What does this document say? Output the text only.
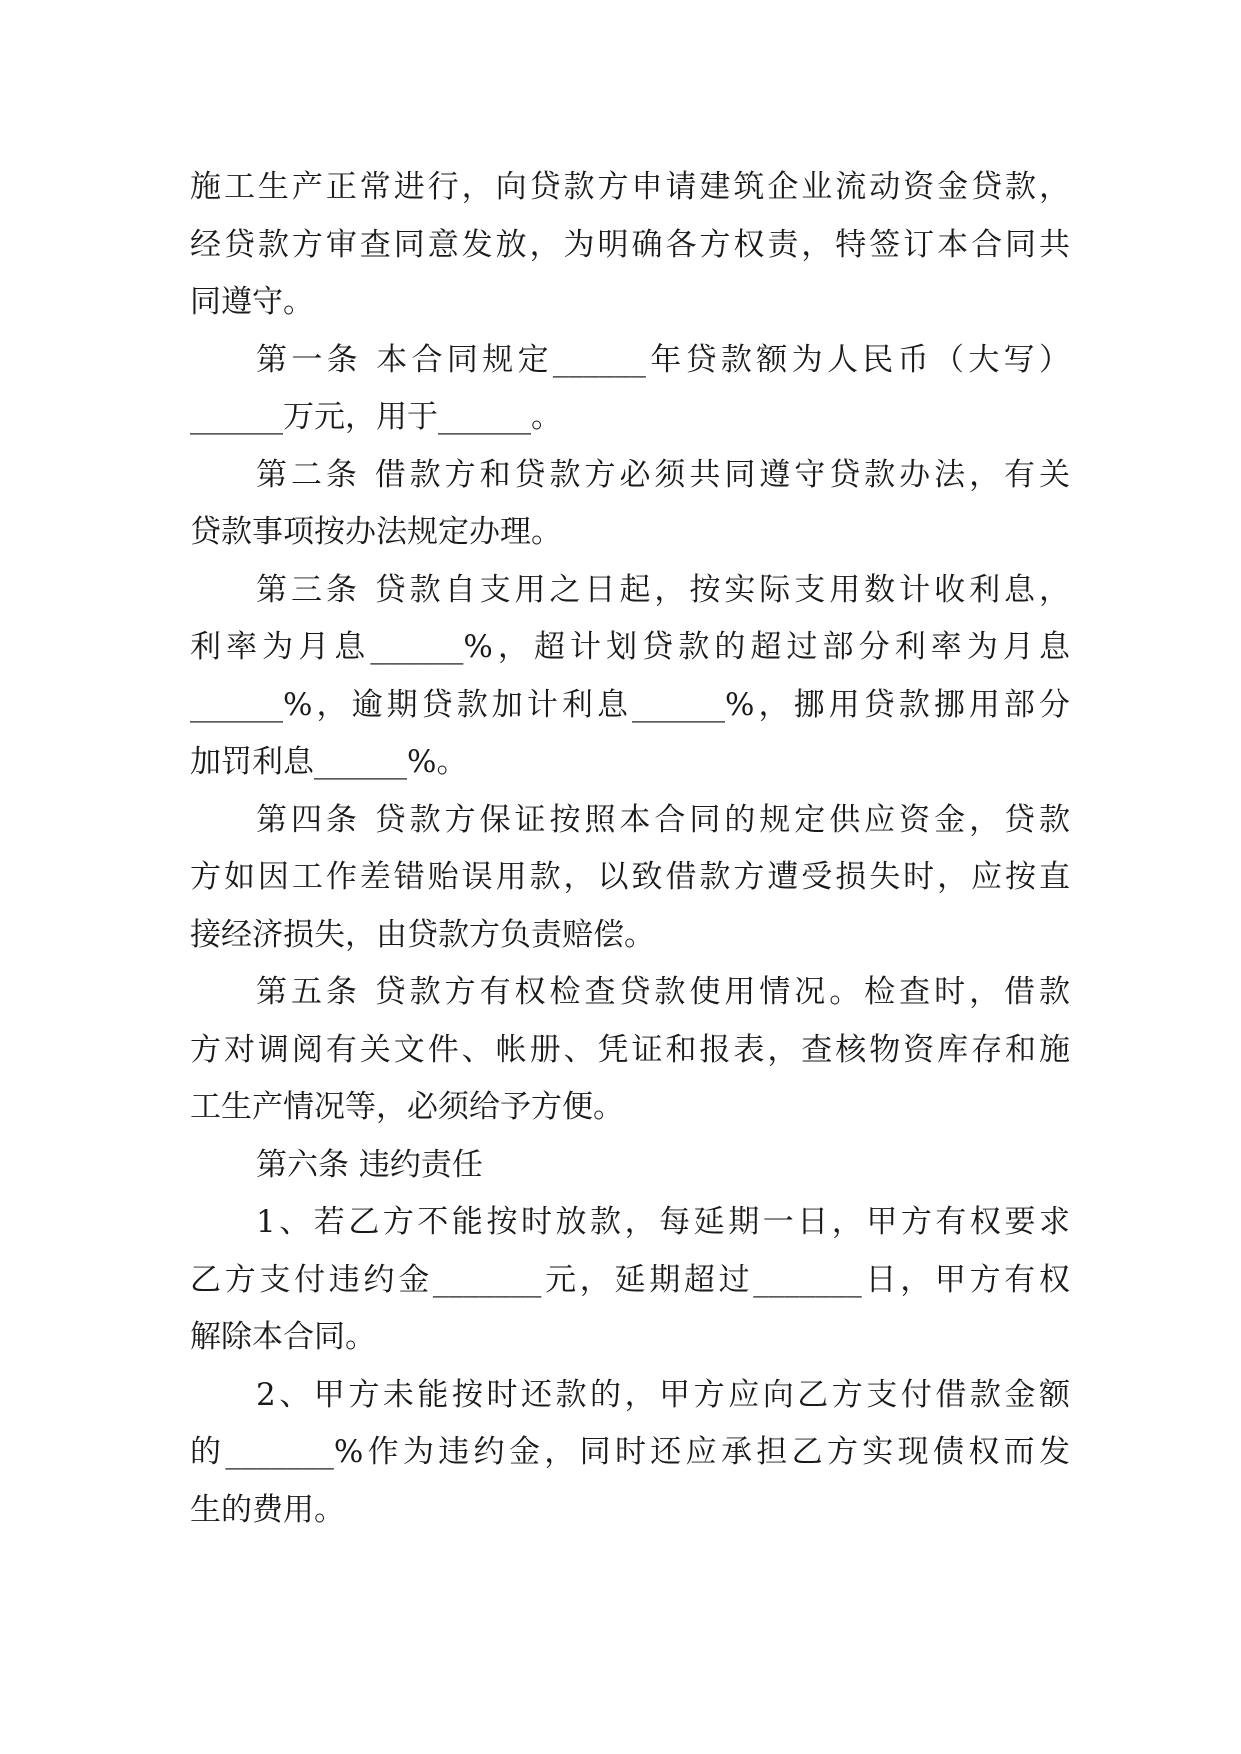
施工生产正常进行，向贷款方申请建筑企业流动资金贷款，
经贷款方审查同意发放，为明确各方权责，特签订本合同共
同遵守。
第一条 本合同规定______年贷款额为人民币（大写）
______万元，用于______。
第二条 借款方和贷款方必须共同遵守贷款办法，有关
贷款事项按办法规定办理。
第三条 贷款自支用之日起，按实际支用数计收利息，
利率为月息______%，超计划贷款的超过部分利率为月息
______%，逾期贷款加计利息______%，挪用贷款挪用部分
加罚利息______%。
第四条 贷款方保证按照本合同的规定供应资金，贷款
方如因工作差错贻误用款，以致借款方遭受损失时，应按直
接经济损失，由贷款方负责赔偿。
第五条 贷款方有权检查贷款使用情况。检查时，借款
方对调阅有关文件、帐册、凭证和报表，查核物资库存和施
工生产情况等，必须给予方便。
第六条 违约责任
1、若乙方不能按时放款，每延期一日，甲方有权要求
乙方支付违约金_______元，延期超过_______日，甲方有权
解除本合同。
2、甲方未能按时还款的，甲方应向乙方支付借款金额
的_______%作为违约金，同时还应承担乙方实现债权而发
生的费用。
